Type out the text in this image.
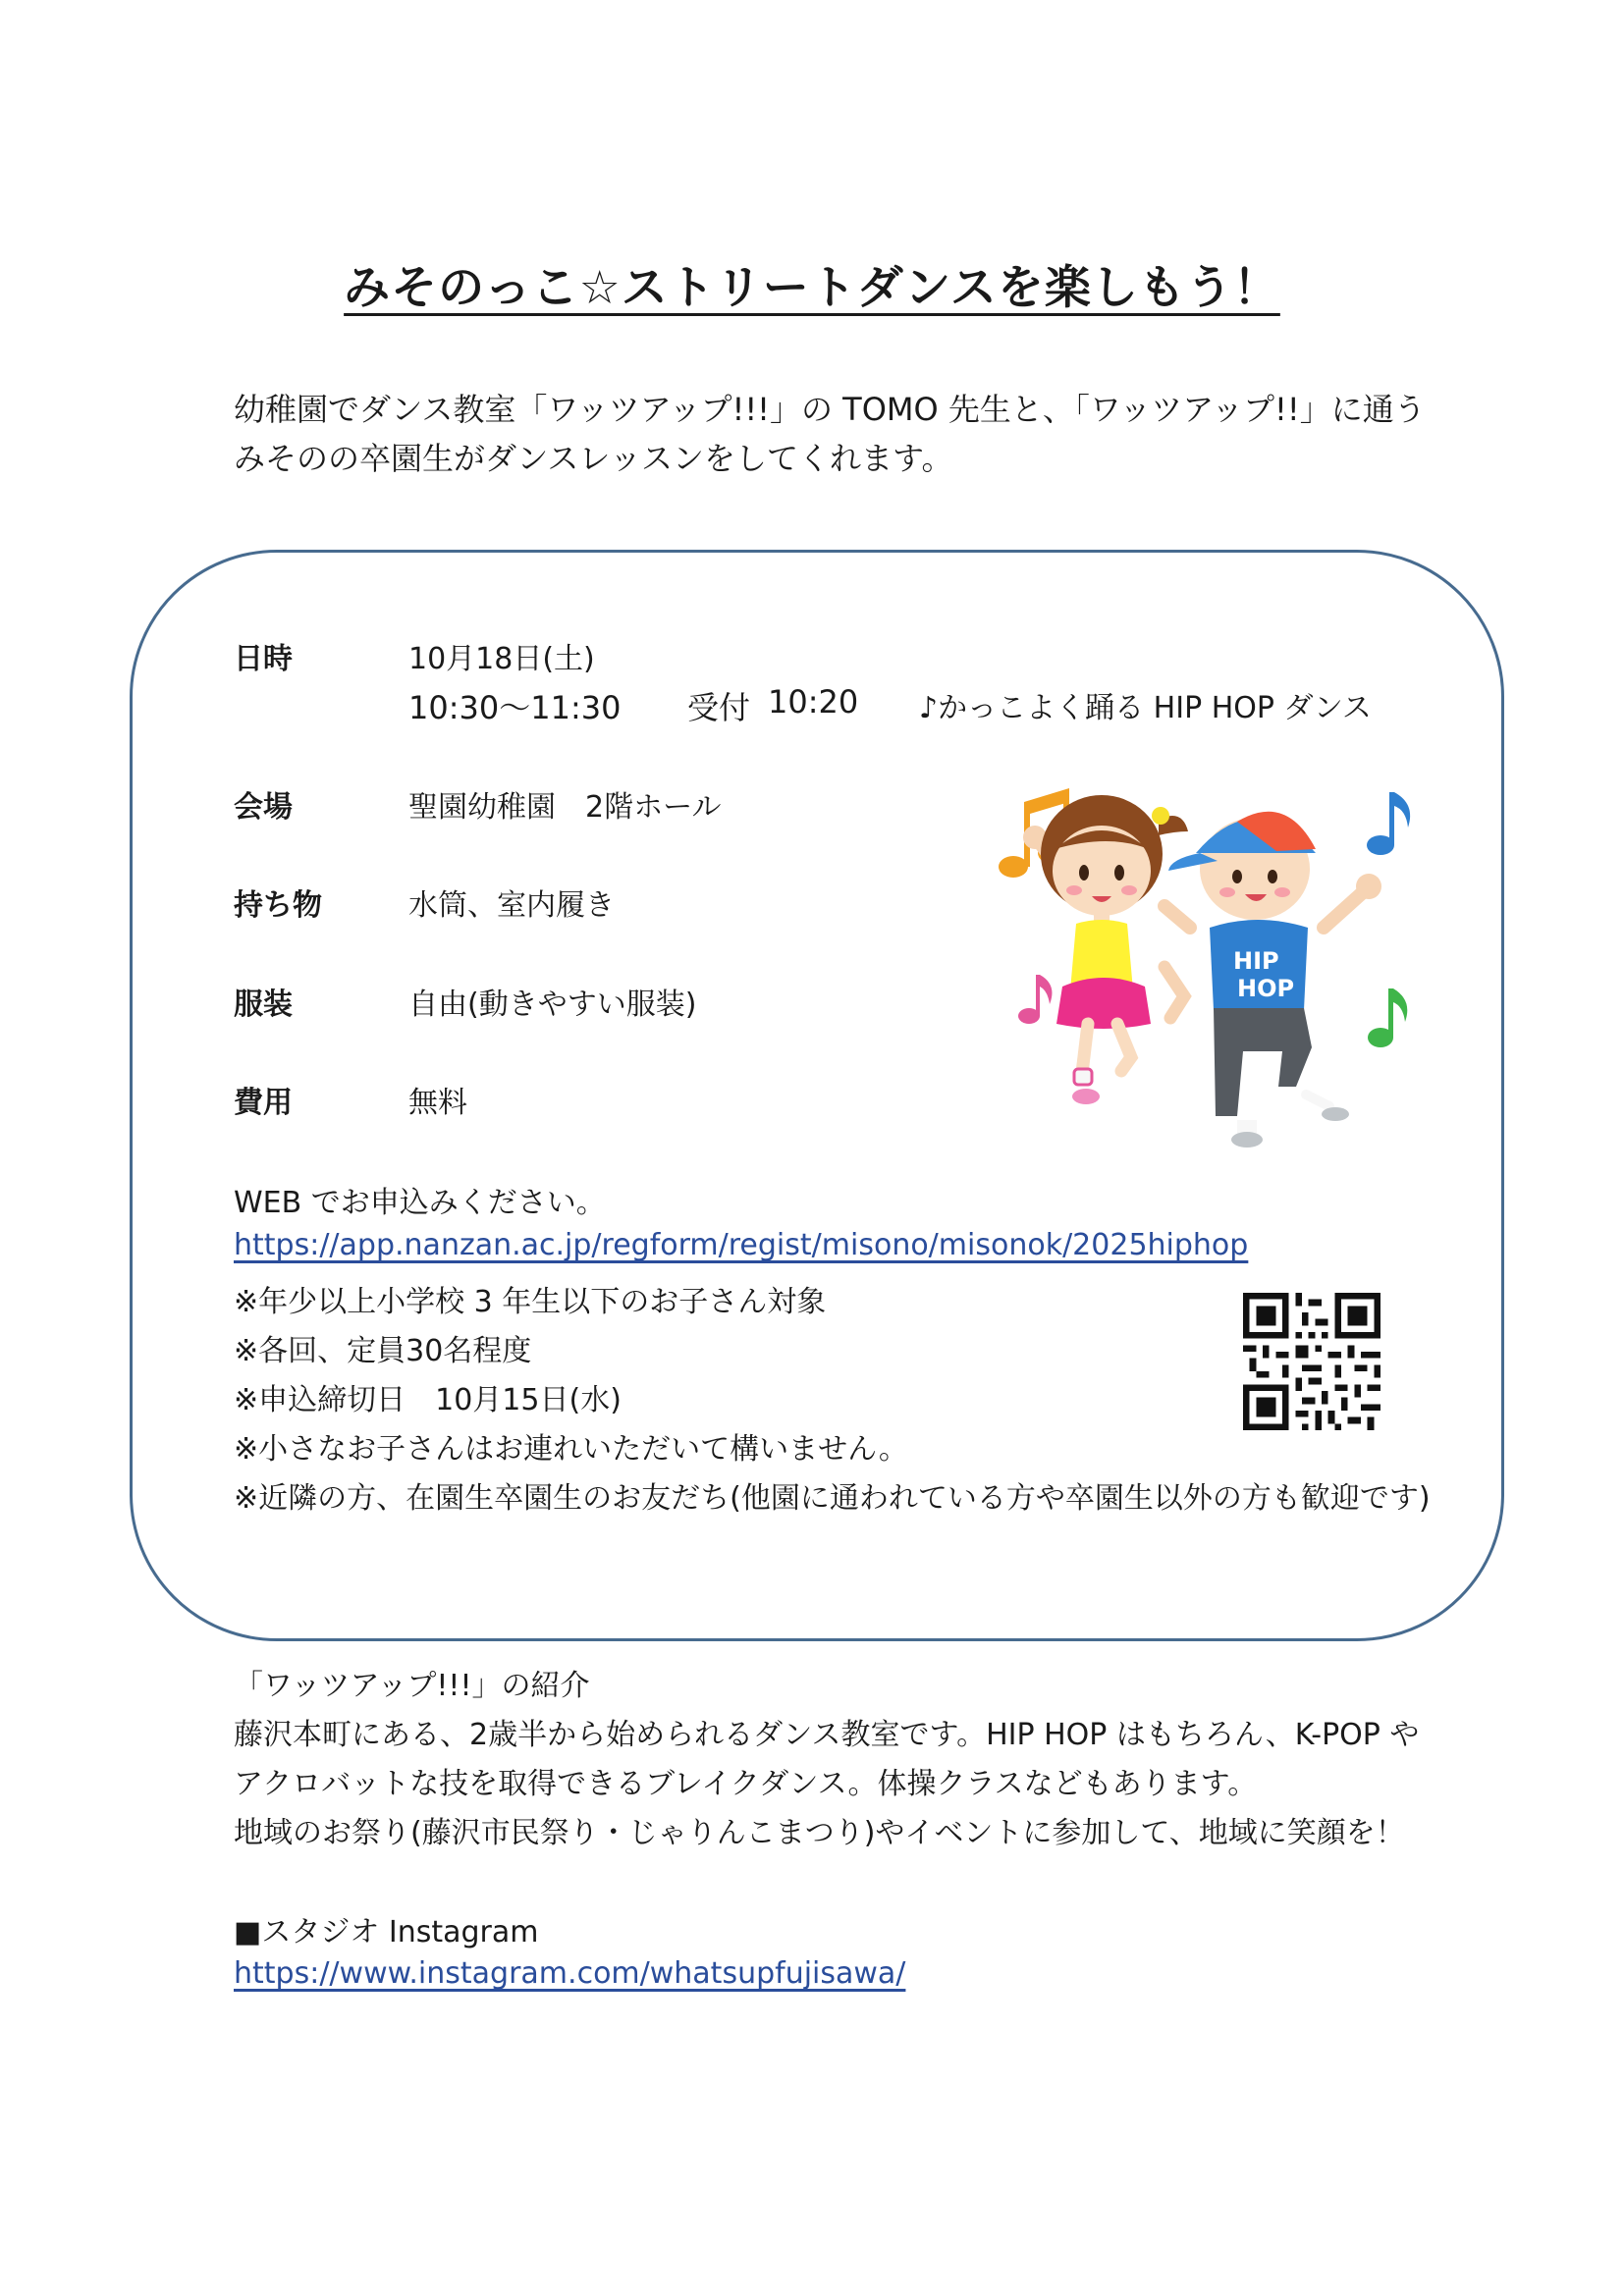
みそのっこ☆ストリートダンスを楽しもう！
幼稚園でダンス教室「ワッツアップ!!!」の TOMO 先生と、「ワッツアップ!!」に通う
みそのの卒園生がダンスレッスンをしてくれます。
日時	10月18日(土)
10:30～11:30 受付 10:20 ♪かっこよく踊る HIP HOP ダンス
会場	聖園幼稚園　2階ホール
持ち物	水筒、室内履き
服装	自由(動きやすい服装)
費用	無料
HIP
HOP
WEB でお申込みください。
https://app.nanzan.ac.jp/regform/regist/misono/misonok/2025hiphop
※年少以上小学校 3 年生以下のお子さん対象
※各回、定員30名程度
※申込締切日　10月15日(水)
※小さなお子さんはお連れいただいて構いません。
※近隣の方、在園生卒園生のお友だち(他園に通われている方や卒園生以外の方も歓迎です)
「ワッツアップ!!!」の紹介
藤沢本町にある、2歳半から始められるダンス教室です。HIP HOP はもちろん、K-POP や
アクロバットな技を取得できるブレイクダンス。体操クラスなどもあります。
地域のお祭り(藤沢市民祭り・じゃりんこまつり)やイベントに参加して、地域に笑顔を！
■スタジオ Instagram
https://www.instagram.com/whatsupfujisawa/
